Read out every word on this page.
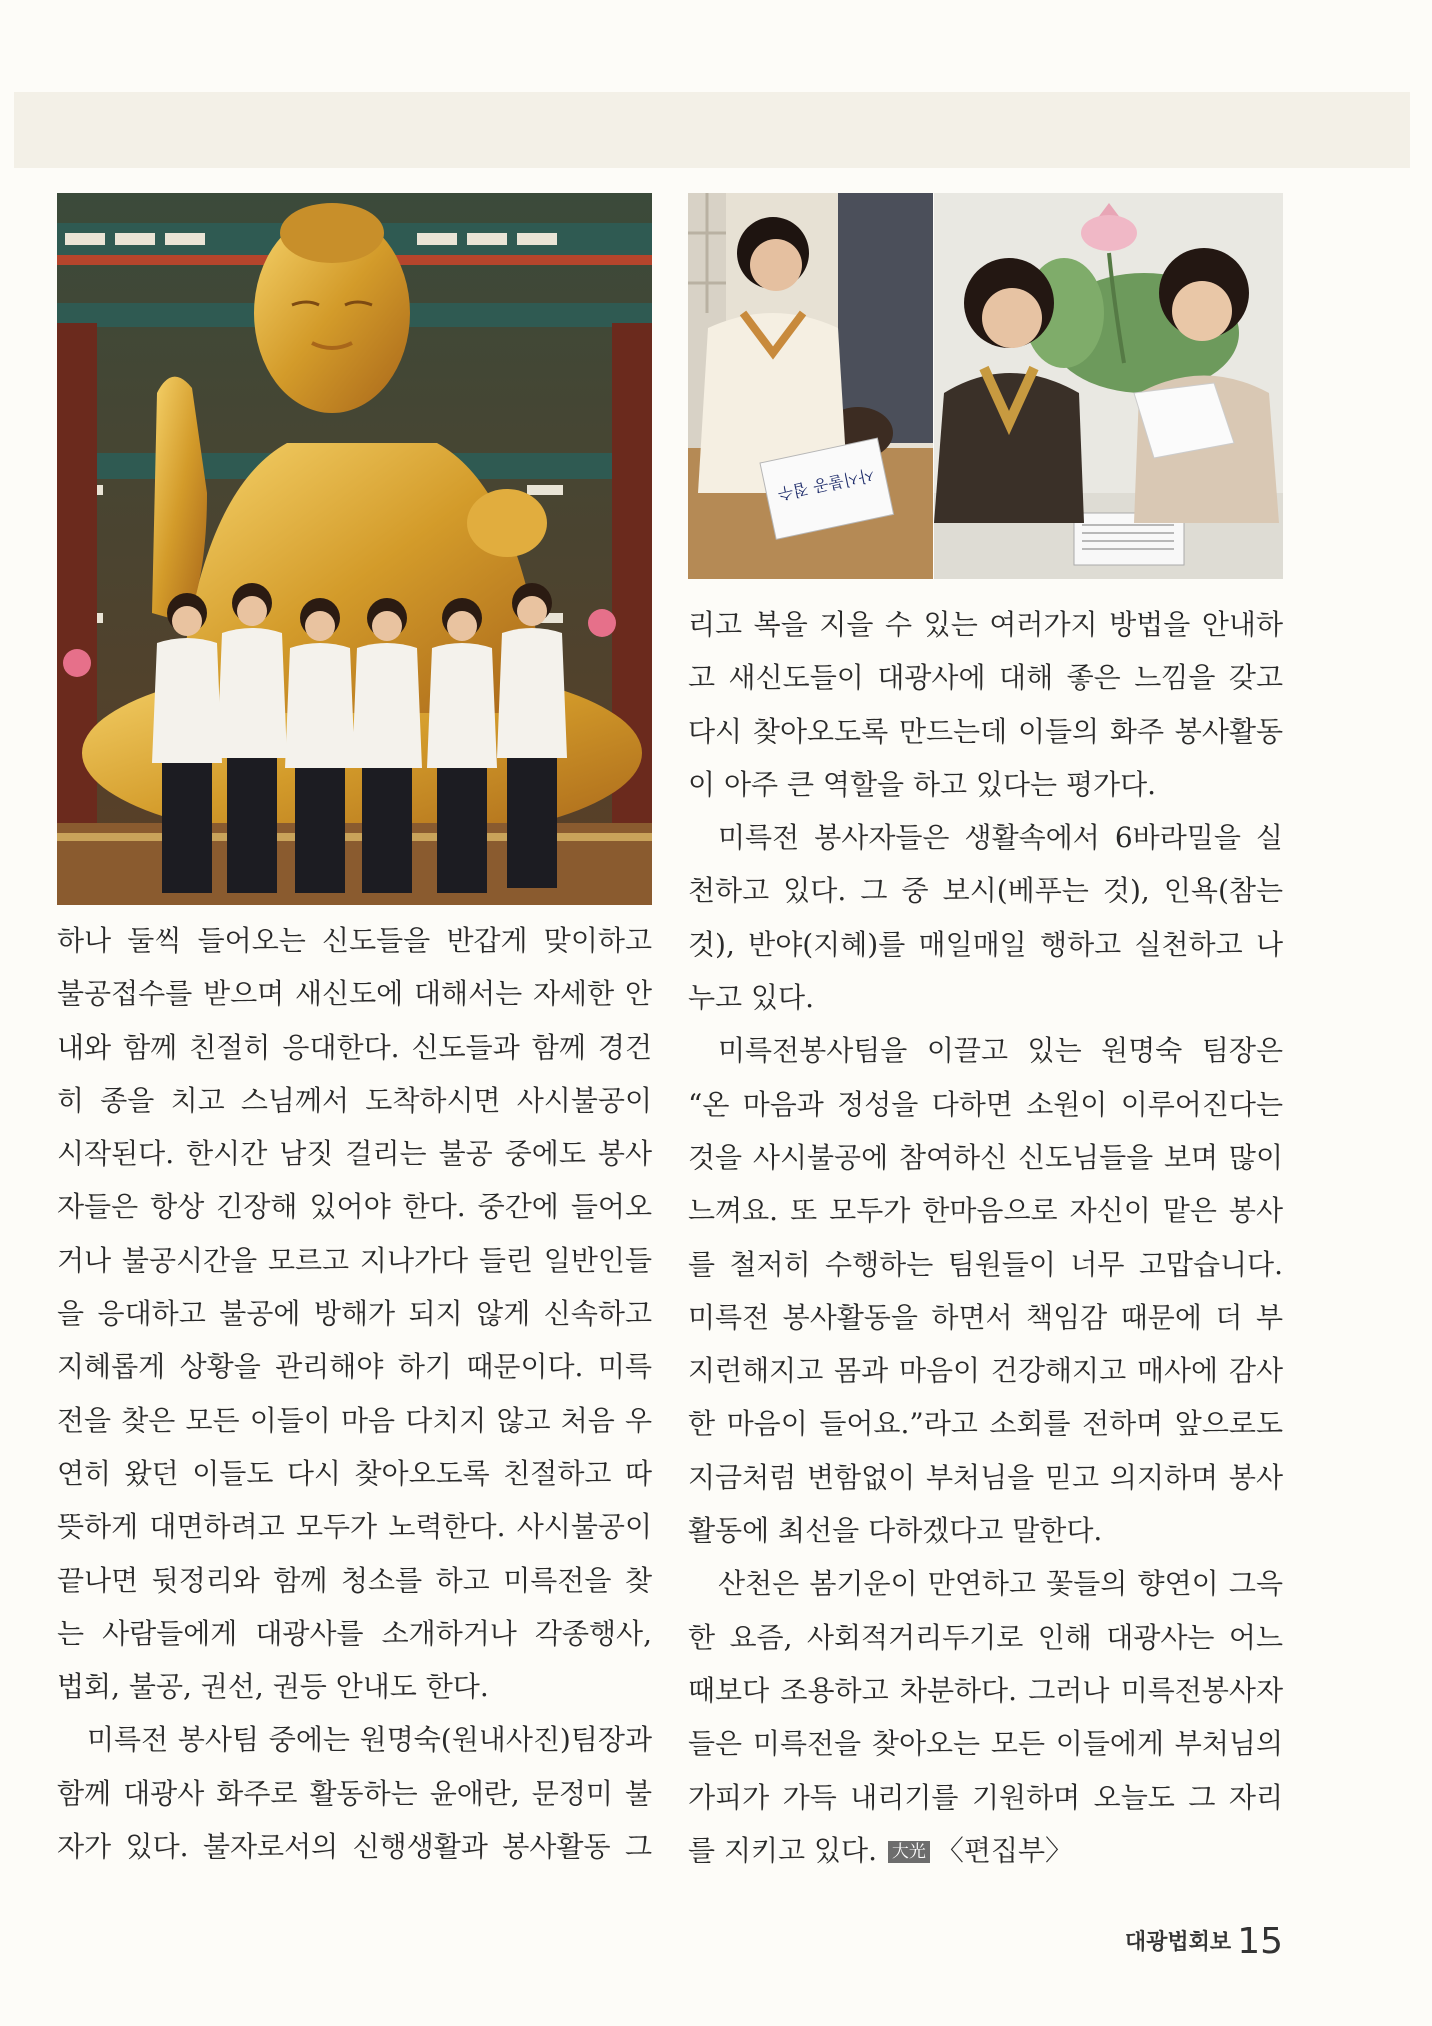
사시불공 접수

하나 둘씩 들어오는 신도들을 반갑게 맞이하고
불공접수를 받으며 새신도에 대해서는 자세한 안
내와 함께 친절히 응대한다. 신도들과 함께 경건
히 종을 치고 스님께서 도착하시면 사시불공이
시작된다. 한시간 남짓 걸리는 불공 중에도 봉사
자들은 항상 긴장해 있어야 한다. 중간에 들어오
거나 불공시간을 모르고 지나가다 들린 일반인들
을 응대하고 불공에 방해가 되지 않게 신속하고
지혜롭게 상황을 관리해야 하기 때문이다. 미륵
전을 찾은 모든 이들이 마음 다치지 않고 처음 우
연히 왔던 이들도 다시 찾아오도록 친절하고 따
뜻하게 대면하려고 모두가 노력한다. 사시불공이
끝나면 뒷정리와 함께 청소를 하고 미륵전을 찾
는 사람들에게 대광사를 소개하거나 각종행사,
법회, 불공, 권선, 권등 안내도 한다.

미륵전 봉사팀 중에는 원명숙(원내사진)팀장과
함께 대광사 화주로 활동하는 윤애란, 문정미 불
자가 있다. 불자로서의 신행생활과 봉사활동 그

리고 복을 지을 수 있는 여러가지 방법을 안내하
고 새신도들이 대광사에 대해 좋은 느낌을 갖고
다시 찾아오도록 만드는데 이들의 화주 봉사활동
이 아주 큰 역할을 하고 있다는 평가다.

미륵전 봉사자들은 생활속에서 6바라밀을 실
천하고 있다. 그 중 보시(베푸는 것), 인욕(참는
것), 반야(지혜)를 매일매일 행하고 실천하고 나
누고 있다.

미륵전봉사팀을 이끌고 있는 원명숙 팀장은
“온 마음과 정성을 다하면 소원이 이루어진다는
것을 사시불공에 참여하신 신도님들을 보며 많이
느껴요. 또 모두가 한마음으로 자신이 맡은 봉사
를 철저히 수행하는 팀원들이 너무 고맙습니다.
미륵전 봉사활동을 하면서 책임감 때문에 더 부
지런해지고 몸과 마음이 건강해지고 매사에 감사
한 마음이 들어요.”라고 소회를 전하며 앞으로도
지금처럼 변함없이 부처님을 믿고 의지하며 봉사
활동에 최선을 다하겠다고 말한다.

산천은 봄기운이 만연하고 꽃들의 향연이 그윽
한 요즘, 사회적거리두기로 인해 대광사는 어느
때보다 조용하고 차분하다. 그러나 미륵전봉사자
들은 미륵전을 찾아오는 모든 이들에게 부처님의
가피가 가득 내리기를 기원하며 오늘도 그 자리
를 지키고 있다. 大光 〈편집부〉

대광법회보 15
